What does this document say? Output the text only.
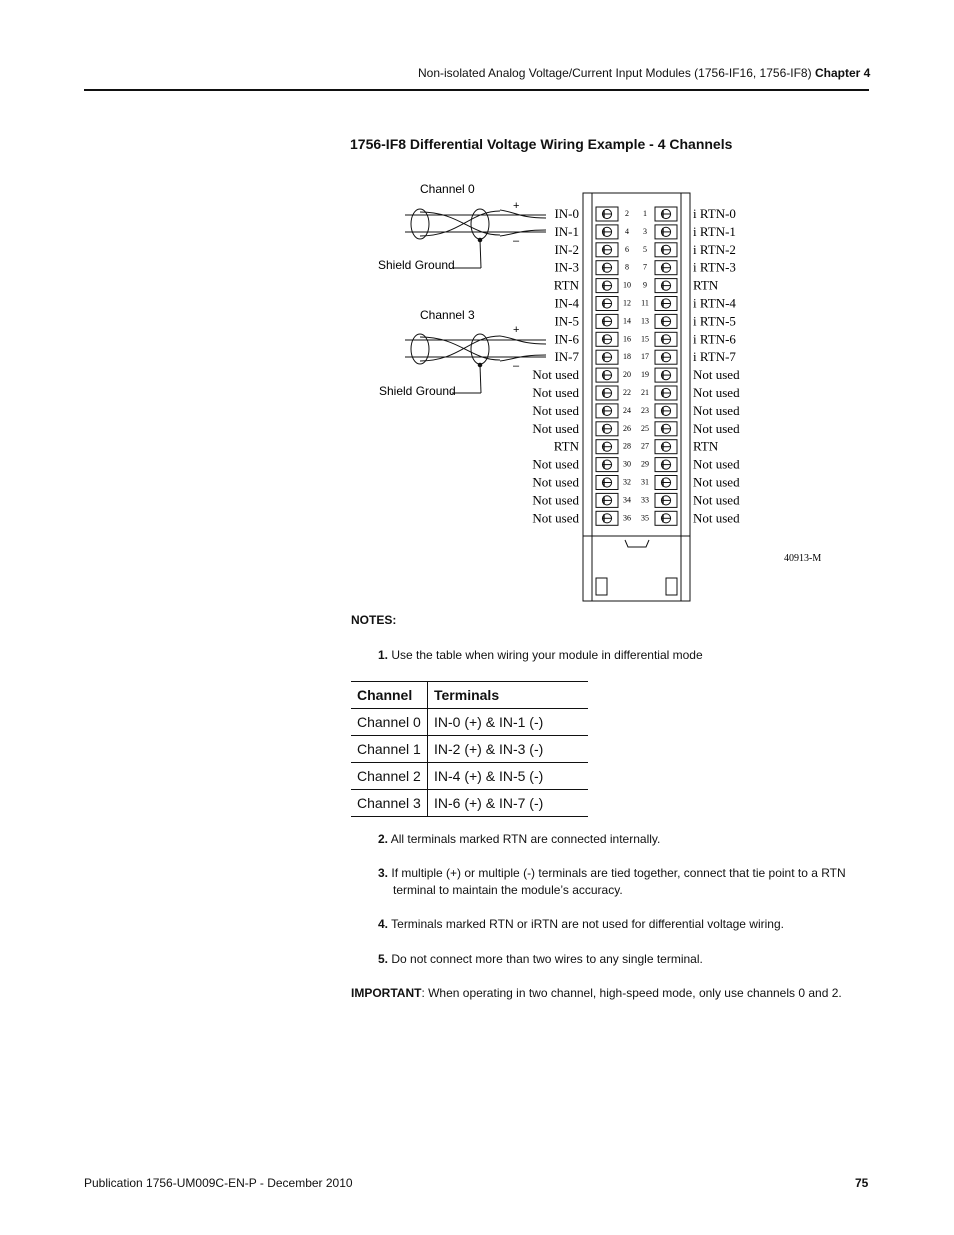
Non-isolated Analog Voltage/Current Input Modules (1756-IF16, 1756-IF8) Chapter 4
1756-IF8 Differential Voltage Wiring Example - 4 Channels
Channel 0
Channel 3
Shield Ground
Shield Ground
+
–
+
–
IN-0	i RTN-0
2 1
IN-1	i RTN-1
4 3
IN-2	i RTN-2
6 5
IN-3	i RTN-3
8 7
RTN	RTN
10 9
IN-4	i RTN-4
12 11
IN-5	i RTN-5
14 13
IN-6	i RTN-6
16 15
IN-7	i RTN-7
18 17
Not used	Not used
20 19
Not used	Not used
22 21
Not used	Not used
24 23
Not used	Not used
26 25
RTN	RTN
28 27
Not used	Not used
30 29
Not used	Not used
32 31
Not used	Not used
34 33
Not used	Not used
36 35
40913-M
NOTES:
1. Use the table when wiring your module in differential mode
Channel	Terminals
Channel 0	IN-0 (+) & IN-1 (-)
Channel 1	IN-2 (+) & IN-3 (-)
Channel 2	IN-4 (+) & IN-5 (-)
Channel 3	IN-6 (+) & IN-7 (-)
2. All terminals marked RTN are connected internally.
3. If multiple (+) or multiple (-) terminals are tied together, connect that tie point to a RTN terminal to maintain the module’s accuracy.
4. Terminals marked RTN or iRTN are not used for differential voltage wiring.
5. Do not connect more than two wires to any single terminal.
IMPORTANT: When operating in two channel, high-speed mode, only use channels 0 and 2.
Publication 1756-UM009C-EN-P - December 2010	75
